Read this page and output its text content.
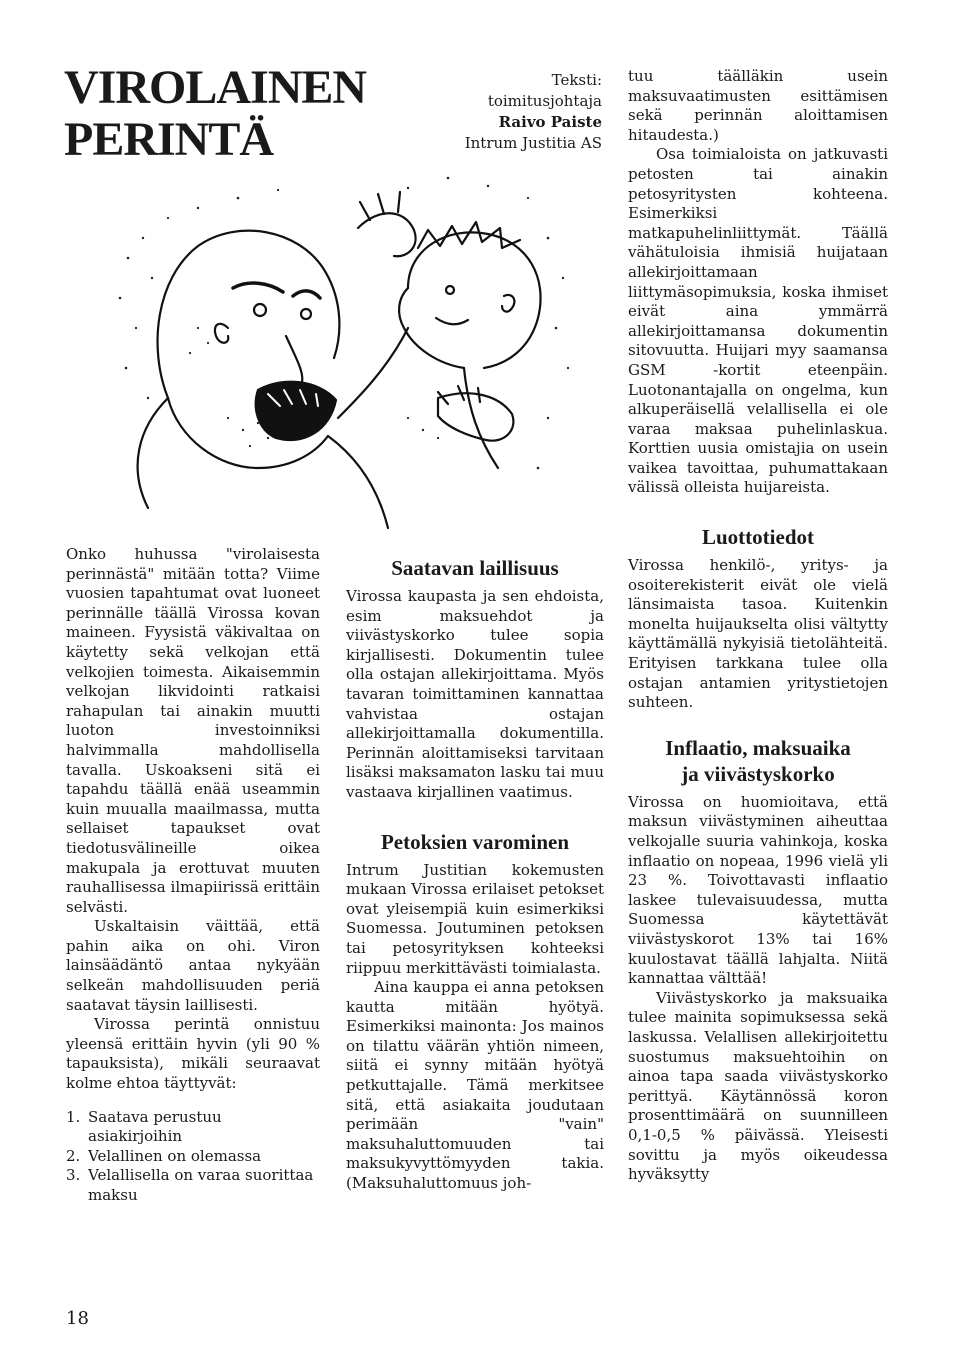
VIROLAINEN
PERINTÄ
Teksti:
toimitusjohtaja
Raivo Paiste
Intrum Justitia AS

Onko huhussa "virolaisesta perinnästä" mitään totta? Viime vuosien tapahtumat ovat luoneet perinnälle täällä Virossa kovan maineen. Fyysistä väkivaltaa on käytetty sekä velkojan että velkojien toimesta. Aikaisemmin velkojan likvidointi ratkaisi rahapulan tai ainakin muutti luoton investoinniksi halvimmalla mahdollisella tavalla. Uskoakseni sitä ei tapahdu täällä enää useammin kuin muualla maailmassa, mutta sellaiset tapaukset ovat tiedotusvälineille oikea makupala ja erottuvat muuten rauhallisessa ilmapiirissä erittäin selvästi.

Uskaltaisin väittää, että pahin aika on ohi. Viron lainsäädäntö antaa nykyään selkeän mahdollisuuden periä saatavat täysin laillisesti.

Virossa perintä onnistuu yleensä erittäin hyvin (yli 90 % tapauksista), mikäli seuraavat kolme ehtoa täyttyvät:

1. Saatava perustuu asiakirjoihin
2. Velallinen on olemassa
3. Velallisella on varaa suorittaa maksu
Saatavan laillisuus

Virossa kaupasta ja sen ehdoista, esim maksuehdot ja viivästyskorko tulee sopia kirjallisesti. Dokumentin tulee olla ostajan allekirjoittama. Myös tavaran toimittaminen kannattaa vahvistaa ostajan allekirjoittamalla dokumentilla. Perinnän aloittamiseksi tarvitaan lisäksi maksamaton lasku tai muu vastaava kirjallinen vaatimus.

Petoksien varominen

Intrum Justitian kokemusten mukaan Virossa erilaiset petokset ovat yleisempiä kuin esimerkiksi Suomessa. Joutuminen petoksen tai petosyrityksen kohteeksi riippuu merkittävästi toimialasta.

Aina kauppa ei anna petoksen kautta mitään hyötyä. Esimerkiksi mainonta: Jos mainos on tilattu väärän yhtiön nimeen, siitä ei synny mitään hyötyä petkuttajalle. Tämä merkitsee sitä, että asiakaita joudutaan perimään "vain" maksuhaluttomuuden tai maksukyvyttömyyden takia. (Maksuhaluttomuus joh-

tuu täälläkin usein maksuvaatimusten esittämisen sekä perinnän aloittamisen hitaudesta.)

Osa toimialoista on jatkuvasti petosten tai ainakin petosyritysten kohteena. Esimerkiksi matkapuhelinliittymät. Täällä vähätuloisia ihmisiä huijataan allekirjoittamaan liittymäsopimuksia, koska ihmiset eivät aina ymmärrä allekirjoittamansa dokumentin sitovuutta. Huijari myy saamansa GSM -kortit eteenpäin. Luotonantajalla on ongelma, kun alkuperäisellä velallisella ei ole varaa maksaa puhelinlaskua. Korttien uusia omistajia on usein vaikea tavoittaa, puhumattakaan välissä olleista huijareista.

Luottotiedot

Virossa henkilö-, yritys- ja osoiterekisterit eivät ole vielä länsimaista tasoa. Kuitenkin monelta huijaukselta olisi vältytty käyttämällä nykyisiä tietolähteitä. Erityisen tarkkana tulee olla ostajan antamien yritystietojen suhteen.

Inflaatio, maksuaika
ja viivästyskorko

Virossa on huomioitava, että maksun viivästyminen aiheuttaa velkojalle suuria vahinkoja, koska inflaatio on nopeaa, 1996 vielä yli 23 %. Toivottavasti inflaatio laskee tulevaisuudessa, mutta Suomessa käytettävät viivästyskorot 13% tai 16% kuulostavat täällä lahjalta. Niitä kannattaa välttää!

Viivästyskorko ja maksuaika tulee mainita sopimuksessa sekä laskussa. Velallisen allekirjoitettu suostumus maksuehtoihin on ainoa tapa saada viivästyskorko perittyä. Käytännössä koron prosenttimäärä on suunnilleen 0,1-0,5 % päivässä. Yleisesti sovittu ja myös oikeudessa hyväksytty

18
